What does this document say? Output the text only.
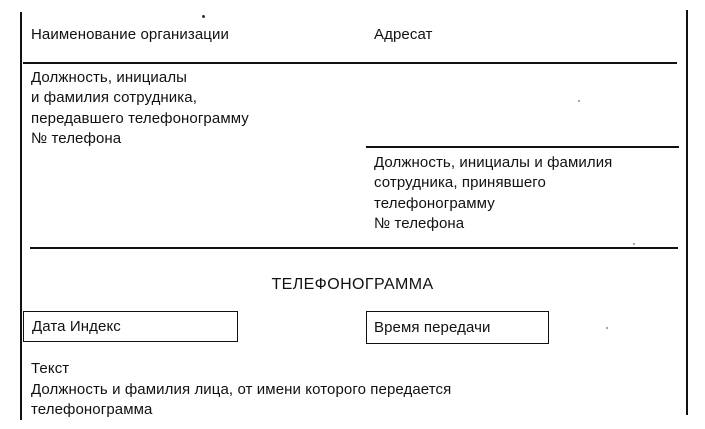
Наименование организации	Адресат
Должность, инициалы
и фамилия сотрудника,
передавшего телефонограмму
№ телефона
Должность, инициалы и фамилия
сотрудника, принявшего
телефонограмму
№ телефона
ТЕЛЕФОНОГРАММА
Дата Индекс	Время передачи
Текст
Должность и фамилия лица, от имени которого передается
телефонограмма
